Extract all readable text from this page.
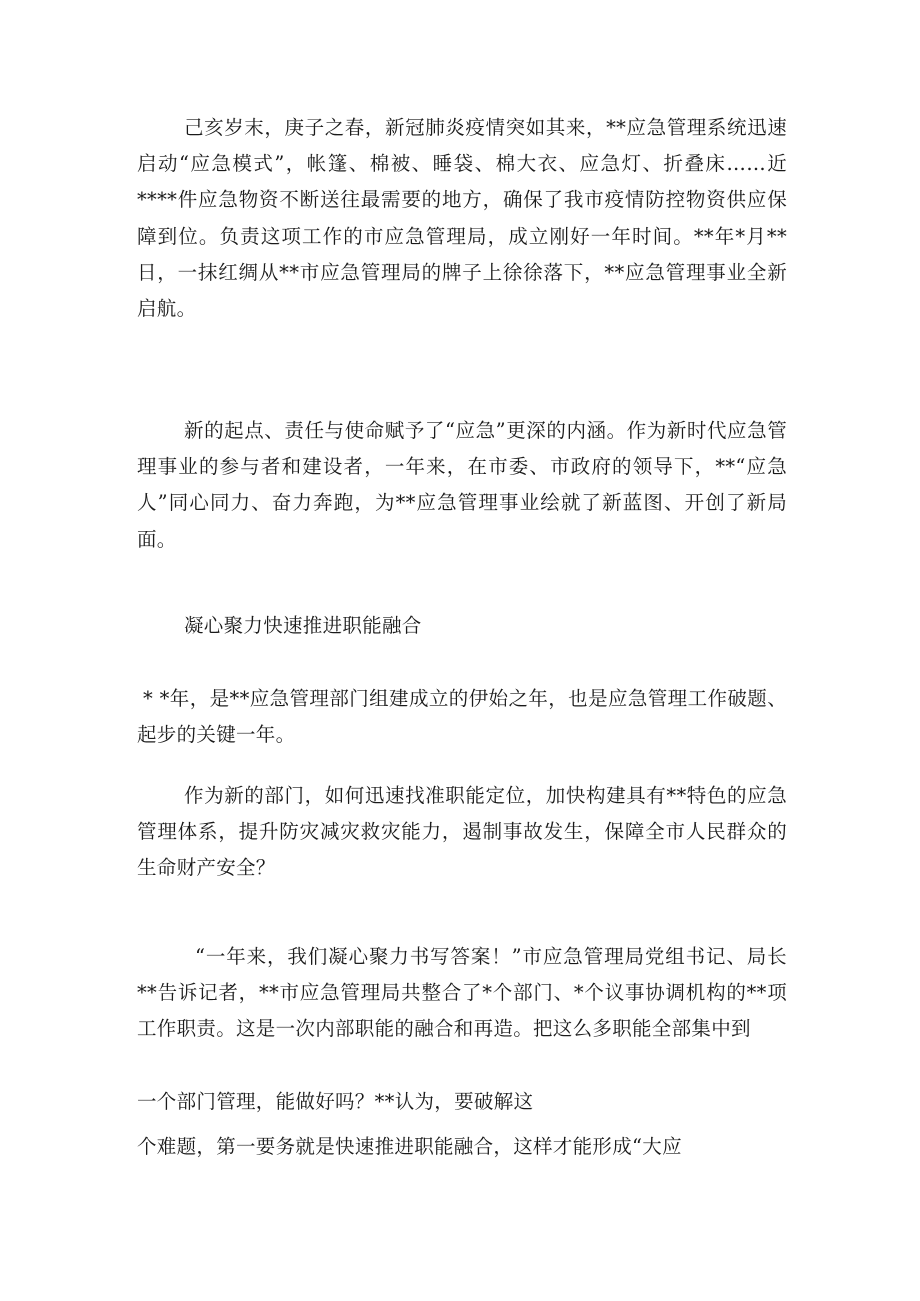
己亥岁末，庚子之春，新冠肺炎疫情突如其来，**应急管理系统迅速启动“应急模式”，帐篷、棉被、睡袋、棉大衣、应急灯、折叠床……近****件应急物资不断送往最需要的地方，确保了我市疫情防控物资供应保障到位。负责这项工作的市应急管理局，成立刚好一年时间。**年*月**日，一抹红绸从**市应急管理局的牌子上徐徐落下，**应急管理事业全新启航。

新的起点、责任与使命赋予了“应急”更深的内涵。作为新时代应急管理事业的参与者和建设者，一年来，在市委、市政府的领导下，**“应急人”同心同力、奋力奔跑，为**应急管理事业绘就了新蓝图、开创了新局面。

凝心聚力快速推进职能融合

* *年，是**应急管理部门组建成立的伊始之年，也是应急管理工作破题、起步的关键一年。

作为新的部门，如何迅速找准职能定位，加快构建具有**特色的应急管理体系，提升防灾减灾救灾能力，遏制事故发生，保障全市人民群众的生命财产安全？

“一年来，我们凝心聚力书写答案！”市应急管理局党组书记、局长**告诉记者，**市应急管理局共整合了*个部门、*个议事协调机构的**项工作职责。这是一次内部职能的融合和再造。把这么多职能全部集中到

一个部门管理，能做好吗？**认为，要破解这

个难题，第一要务就是快速推进职能融合，这样才能形成“大应
